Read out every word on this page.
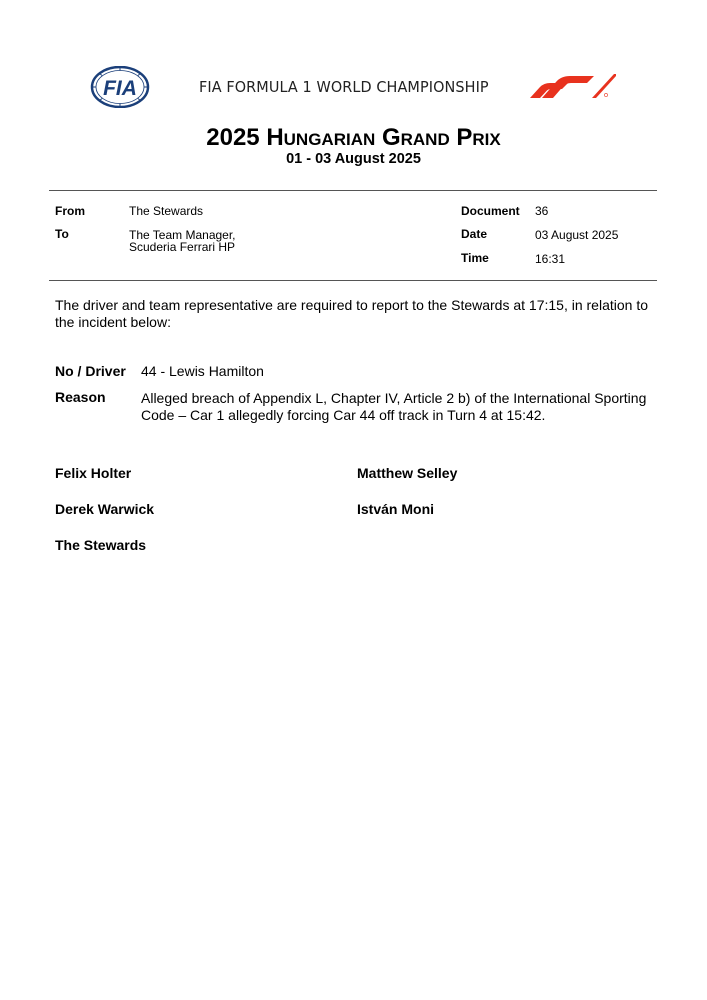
FIA	FIA FORMULA 1 WORLD CHAMPIONSHIP
2025 Hungarian Grand Prix
01 - 03 August 2025
From	The Stewards
To	The Team Manager,
Scuderia Ferrari HP
Document 36
Date	03 August 2025
Time	16:31
The driver and team representative are required to report to the Stewards at 17:15, in relation to the incident below:
No / Driver 44 - Lewis Hamilton
Reason	Alleged breach of Appendix L, Chapter IV, Article 2 b) of the International Sporting Code – Car 1 allegedly forcing Car 44 off track in Turn 4 at 15:42.
Felix Holter	Matthew Selley
Derek Warwick	István Moni
The Stewards
